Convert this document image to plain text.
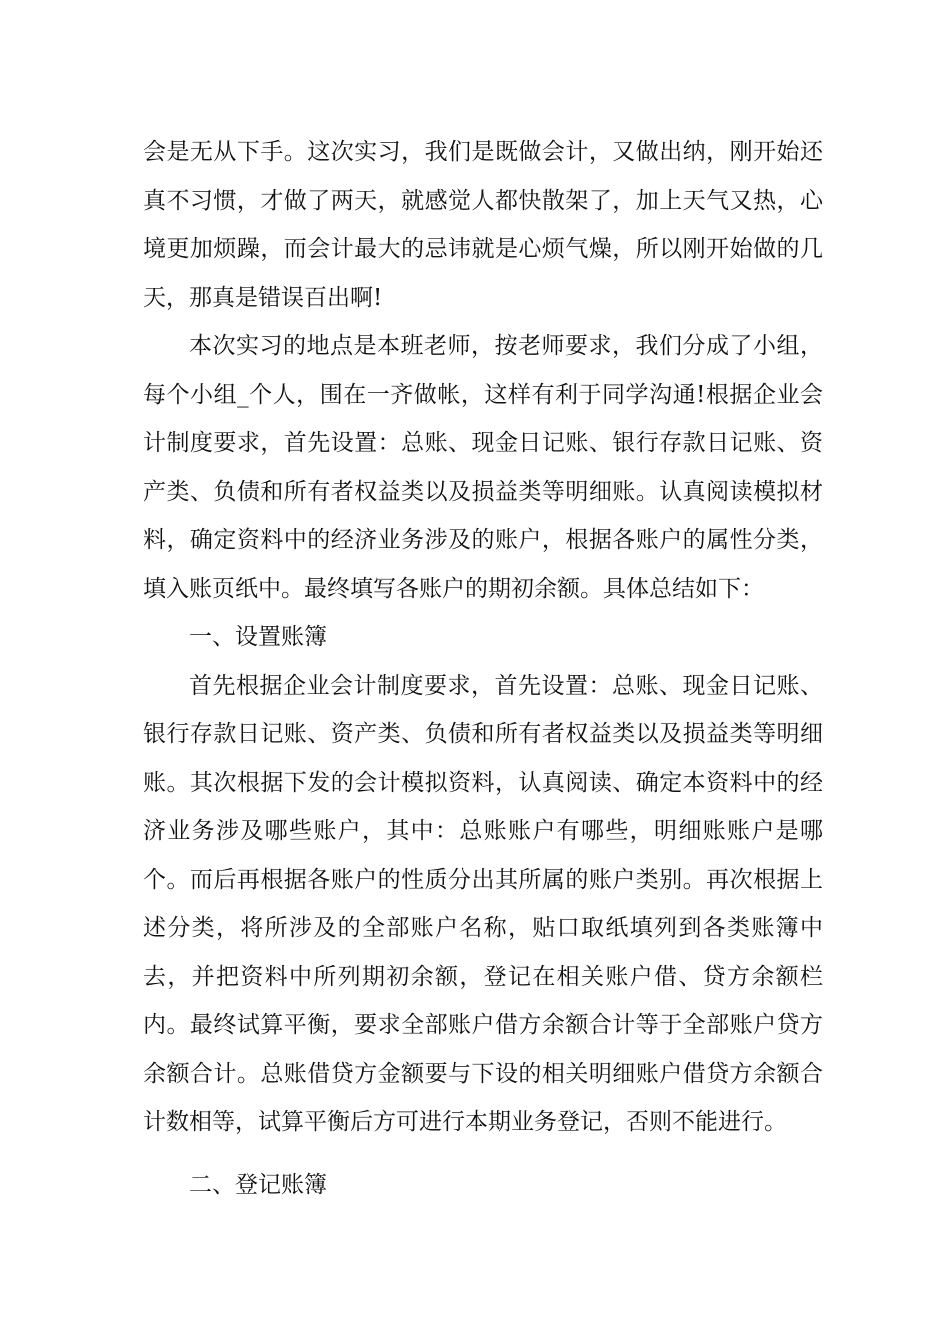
会是无从下手。这次实习，我们是既做会计，又做出纳，刚开始还真不习惯，才做了两天，就感觉人都快散架了，加上天气又热，心境更加烦躁，而会计最大的忌讳就是心烦气燥，所以刚开始做的几天，那真是错误百出啊!

本次实习的地点是本班老师，按老师要求，我们分成了小组，每个小组_个人，围在一齐做帐，这样有利于同学沟通!根据企业会计制度要求，首先设置：总账、现金日记账、银行存款日记账、资产类、负债和所有者权益类以及损益类等明细账。认真阅读模拟材料，确定资料中的经济业务涉及的账户，根据各账户的属性分类，填入账页纸中。最终填写各账户的期初余额。具体总结如下：

一、设置账簿

首先根据企业会计制度要求，首先设置：总账、现金日记账、银行存款日记账、资产类、负债和所有者权益类以及损益类等明细账。其次根据下发的会计模拟资料，认真阅读、确定本资料中的经济业务涉及哪些账户，其中：总账账户有哪些，明细账账户是哪个。而后再根据各账户的性质分出其所属的账户类别。再次根据上述分类，将所涉及的全部账户名称，贴口取纸填列到各类账簿中去，并把资料中所列期初余额，登记在相关账户借、贷方余额栏内。最终试算平衡，要求全部账户借方余额合计等于全部账户贷方余额合计。总账借贷方金额要与下设的相关明细账户借贷方余额合计数相等，试算平衡后方可进行本期业务登记，否则不能进行。

二、登记账簿
